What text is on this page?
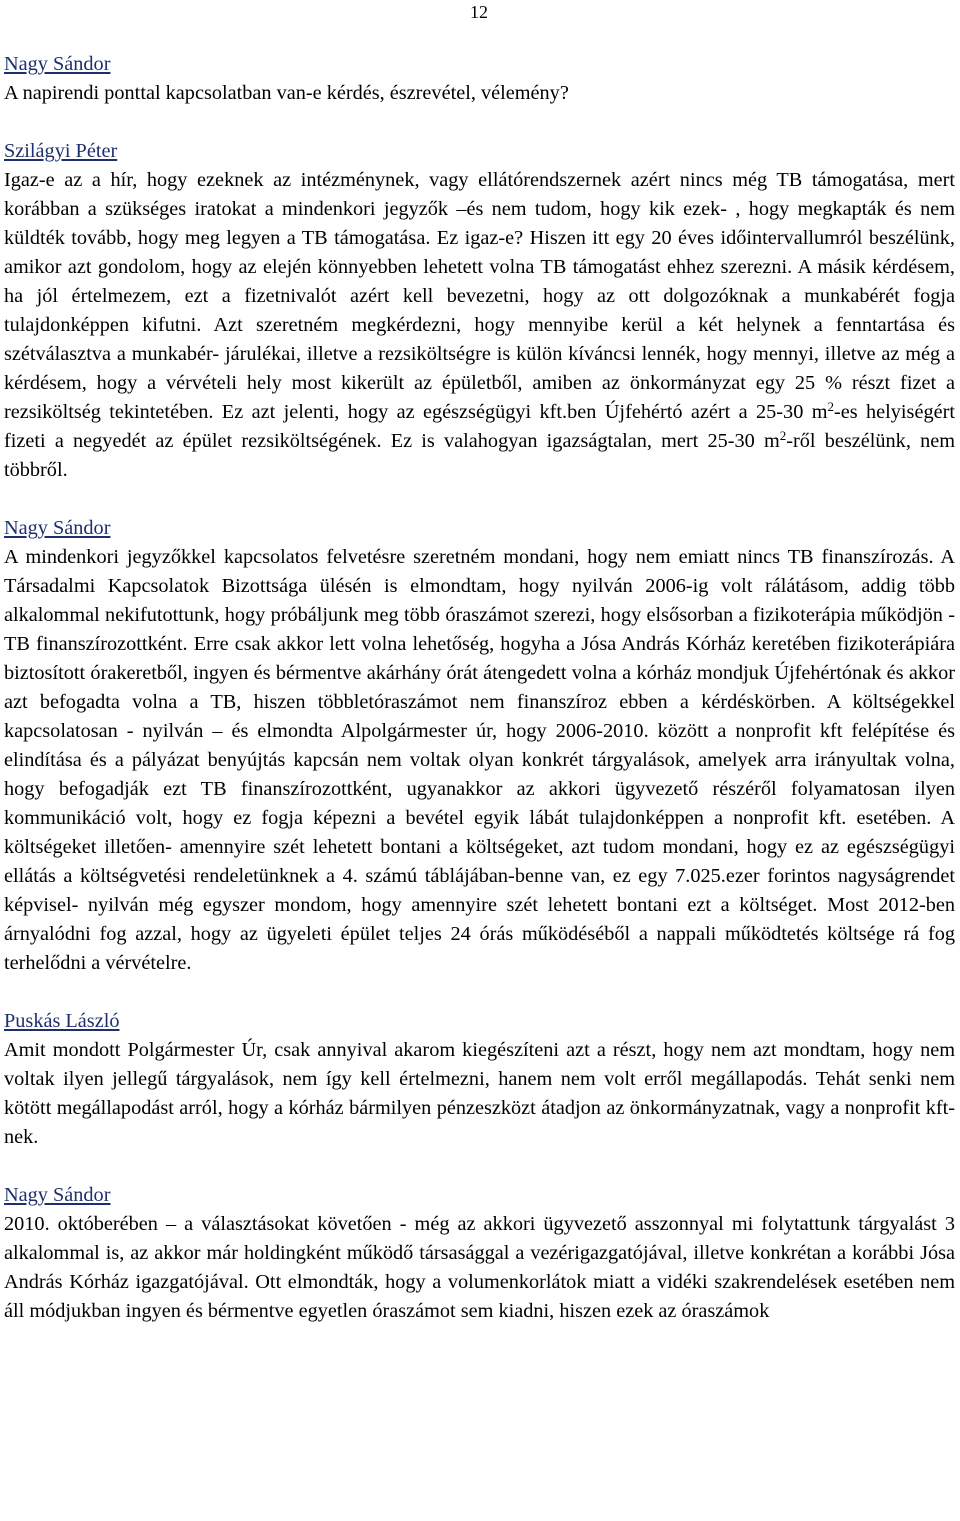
12
Nagy Sándor
A napirendi ponttal kapcsolatban van-e kérdés, észrevétel, vélemény?
Szilágyi Péter
Igaz-e az a hír, hogy ezeknek az intézménynek, vagy ellátórendszernek azért nincs még TB támogatása, mert korábban a szükséges iratokat a mindenkori jegyzők –és nem tudom, hogy kik ezek- , hogy megkapták és nem küldték tovább, hogy meg legyen a TB támogatása. Ez igaz-e? Hiszen itt egy 20 éves időintervallumról beszélünk, amikor azt gondolom, hogy az elején könnyebben lehetett volna TB támogatást ehhez szerezni. A másik kérdésem, ha jól értelmezem, ezt a fizetnivalót azért kell bevezetni, hogy az ott dolgozóknak a munkabérét fogja tulajdonképpen kifutni. Azt szeretném megkérdezni, hogy mennyibe kerül a két helynek a fenntartása és szétválasztva a munkabér- járulékai, illetve a rezsiköltségre is külön kíváncsi lennék, hogy mennyi, illetve az még a kérdésem, hogy a vérvételi hely most kikerült az épületből, amiben az önkormányzat egy 25 % részt fizet a rezsiköltség tekintetében. Ez azt jelenti, hogy az egészségügyi kft.ben Újfehértó azért a 25-30 $m^2-es$ helyiségért fizeti a negyedét az épület rezsiköltségének. Ez is valahogyan igazságtalan, mert 25-30 $m^2$-ről beszélünk, nem többről.
Nagy Sándor
A mindenkori jegyzőkkel kapcsolatos felvetésre szeretném mondani, hogy nem emiatt nincs TB finanszírozás. A Társadalmi Kapcsolatok Bizottsága ülésén is elmondtam, hogy nyilván 2006-ig volt rálátásom, addig több alkalommal nekifutottunk, hogy próbáljunk meg több óraszámot szerezi, hogy elsősorban a fizikoterápia működjön - TB finanszírozottként. Erre csak akkor lett volna lehetőség, hogyha a Jósa András Kórház keretében fizikoterápiára biztosított órakeretből, ingyen és bérmentve akárhány órát átengedett volna a kórház mondjuk Újfehértónak és akkor azt befogadta volna a TB, hiszen többletóraszámot nem finanszíroz ebben a kérdéskörben. A költségekkel kapcsolatosan - nyilván – és elmondta Alpolgármester úr, hogy 2006-2010. között a nonprofit kft felépítése és elindítása és a pályázat benyújtás kapcsán nem voltak olyan konkrét tárgyalások, amelyek arra irányultak volna, hogy befogadják ezt TB finanszírozottként, ugyanakkor az akkori ügyvezető részéről folyamatosan ilyen kommunikáció volt, hogy ez fogja képezni a bevétel egyik lábát tulajdonképpen a nonprofit kft. esetében. A költségeket illetően- amennyire szét lehetett bontani a költségeket, azt tudom mondani, hogy ez az egészségügyi ellátás a költségvetési rendeletünknek a 4. számú táblájában-benne van, ez egy 7.025.ezer forintos nagyságrendet képvisel- nyilván még egyszer mondom, hogy amennyire szét lehetett bontani ezt a költséget. Most 2012-ben árnyalódni fog azzal, hogy az ügyeleti épület teljes 24 órás működéséből a nappali működtetés költsége rá fog terhelődni a vérvételre.
Puskás László
Amit mondott Polgármester Úr, csak annyival akarom kiegészíteni azt a részt, hogy nem azt mondtam, hogy nem voltak ilyen jellegű tárgyalások, nem így kell értelmezni, hanem nem volt erről megállapodás. Tehát senki nem kötött megállapodást arról, hogy a kórház bármilyen pénzeszközt átadjon az önkormányzatnak, vagy a nonprofit kft-nek.
Nagy Sándor
2010. októberében – a választásokat követően - még az akkori ügyvezető asszonnyal mi folytattunk tárgyalást 3 alkalommal is, az akkor már holdingként működő társasággal a vezérigazgatójával, illetve konkrétan a korábbi Jósa András Kórház igazgatójával. Ott elmondták, hogy a volumenkorlátok miatt a vidéki szakrendelések esetében nem áll módjukban ingyen és bérmentve egyetlen óraszámot sem kiadni, hiszen ezek az óraszámok
